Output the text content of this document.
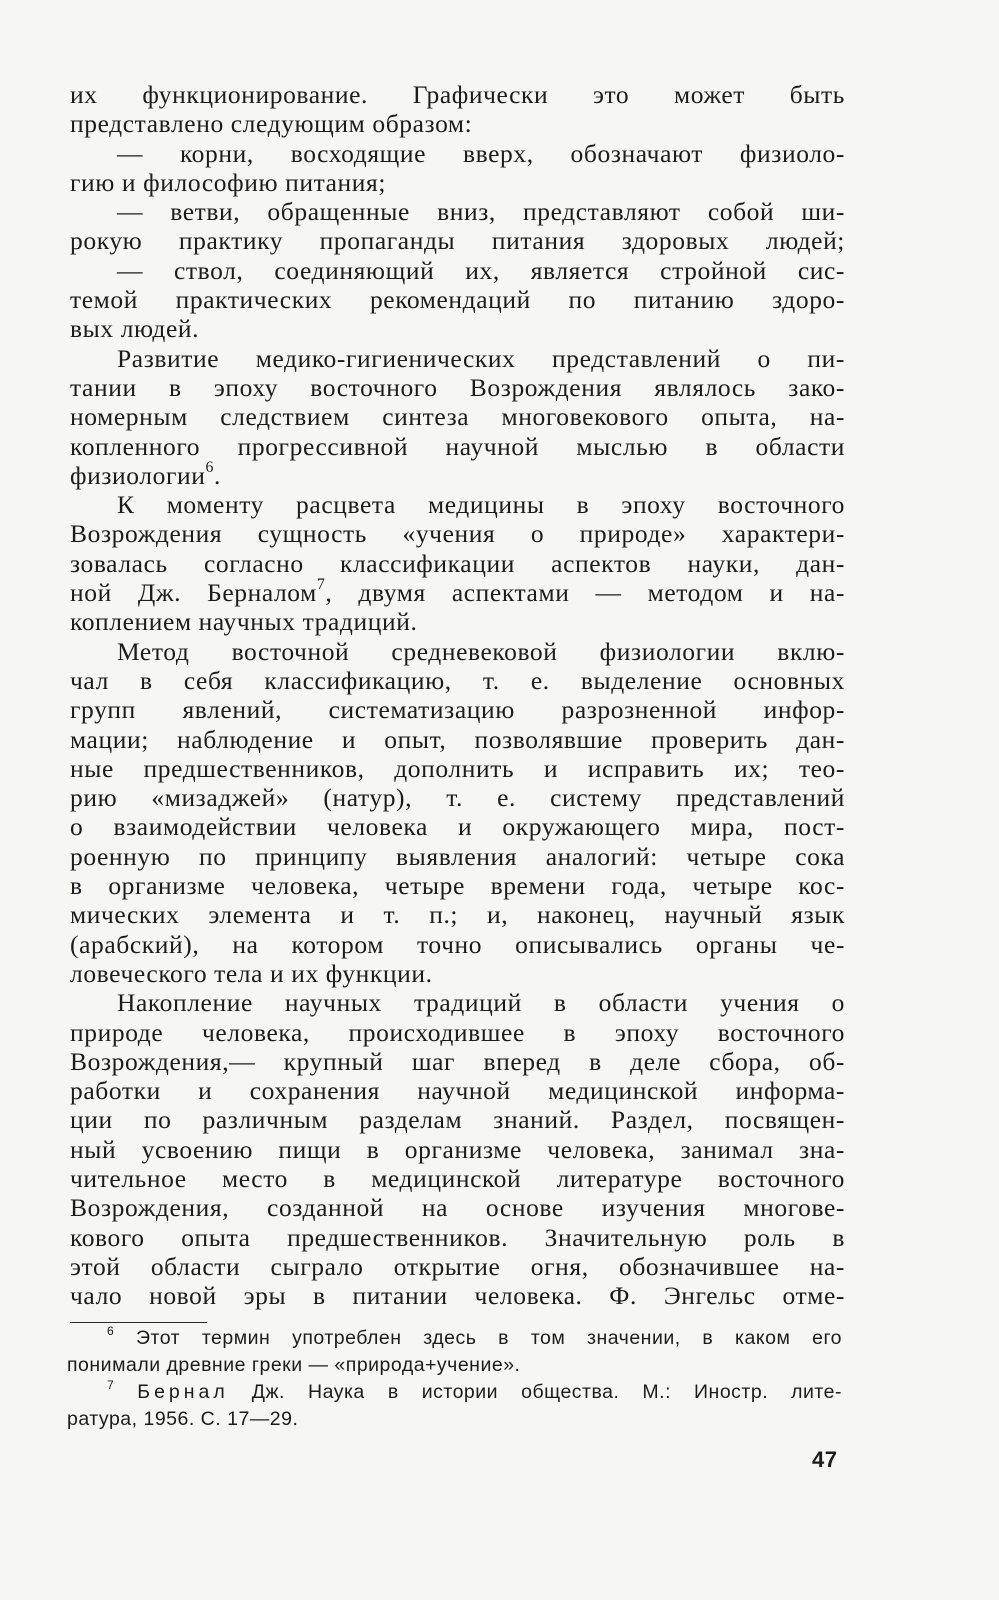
их функционирование. Графически это может быть
представлено следующим образом:
— корни, восходящие вверх, обозначают физиоло-
гию и философию питания;
— ветви, обращенные вниз, представляют собой ши-
рокую практику пропаганды питания здоровых людей;
— ствол, соединяющий их, является стройной сис-
темой практических рекомендаций по питанию здоро-
вых людей.
Развитие медико-гигиенических представлений о пи-
тании в эпоху восточного Возрождения являлось зако-
номерным следствием синтеза многовекового опыта, на-
копленного прогрессивной научной мыслью в области
физиологии$^6$.
К моменту расцвета медицины в эпоху восточного
Возрождения сущность «учения о природе» характери-
зовалась согласно классификации аспектов науки, дан-
ной Дж. Берналом$^7$, двумя аспектами — методом и на-
коплением научных традиций.
Метод восточной средневековой физиологии вклю-
чал в себя классификацию, т. е. выделение основных
групп явлений, систематизацию разрозненной инфор-
мации; наблюдение и опыт, позволявшие проверить дан-
ные предшественников, дополнить и исправить их; тео-
рию «мизаджей» (натур), т. е. систему представлений
о взаимодействии человека и окружающего мира, пост-
роенную по принципу выявления аналогий: четыре сока
в организме человека, четыре времени года, четыре кос-
мических элемента и т. п.; и, наконец, научный язык
(арабский), на котором точно описывались органы че-
ловеческого тела и их функции.
Накопление научных традиций в области учения о
природе человека, происходившее в эпоху восточного
Возрождения,— крупный шаг вперед в деле сбора, об-
работки и сохранения научной медицинской информа-
ции по различным разделам знаний. Раздел, посвящен-
ный усвоению пищи в организме человека, занимал зна-
чительное место в медицинской литературе восточного
Возрождения, созданной на основе изучения многове-
кового опыта предшественников. Значительную роль в
этой области сыграло открытие огня, обозначившее на-
чало новой эры в питании человека. Ф. Энгельс отме-
$^6$ Этот термин употреблен здесь в том значении, в каком его
понимали древние греки — «природа+учение».
$^7$ Бернал Дж. Наука в истории общества. М.: Иностр. лите-
ратура, 1956. С. 17—29.
47
